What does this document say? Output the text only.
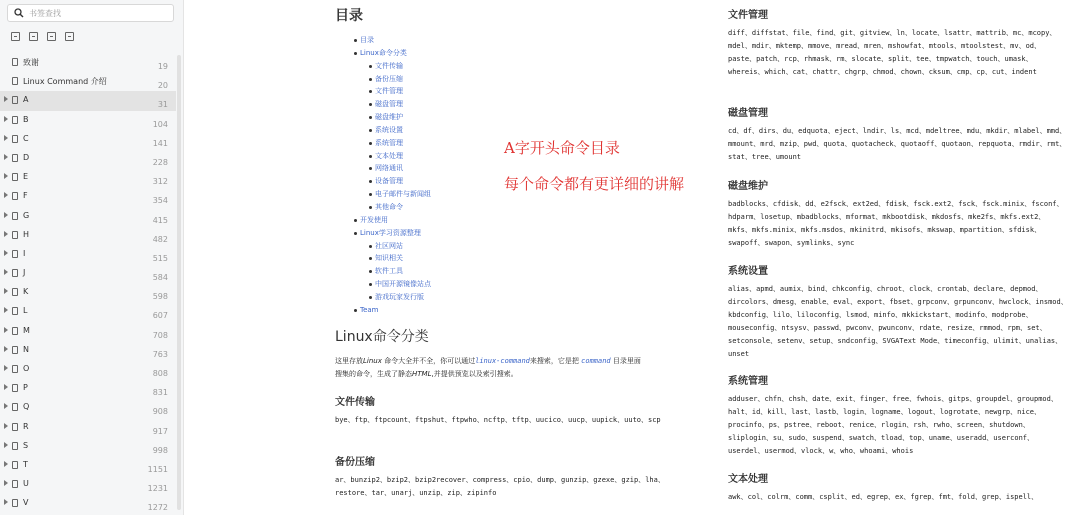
书签查找
致谢	19
Linux Command 介绍	20
A
31
B
104
C
141
D
228
E
312
F
354
G
415
H
482
I
515
J
584
K
598
L
607
M
708
N
763
O
808
P
831
Q
908
R
917
S
998
T
1151
U
1231
V
1272
目录
目录
Linux命令分类
文件传输
备份压缩
文件管理
磁盘管理
磁盘维护
系统设置
系统管理
文本处理
网络通讯
设备管理
电子邮件与新闻组
其他命令
开发使用
Linux学习资源整理
社区网站
知识相关
软件工具
中国开源镜像站点
游戏玩家发行版
Team
Linux命令分类
这里存放Linux 命令大全并不全，你可以通过linux-command来搜索，它是把 command 目录里面
搜集的命令，生成了静态HTML,并提供预览以及索引搜索。
文件传输
bye、ftp、ftpcount、ftpshut、ftpwho、ncftp、tftp、uucico、uucp、uupick、uuto、scp
备份压缩
ar、bunzip2、bzip2、bzip2recover、compress、cpio、dump、gunzip、gzexe、gzip、lha、restore、tar、unarj、unzip、zip、zipinfo
A字开头命令目录
每个命令都有更详细的讲解
文件管理
diff、diffstat、file、find、git、gitview、ln、locate、lsattr、mattrib、mc、mcopy、mdel、mdir、mktemp、mmove、mread、mren、mshowfat、mtools、mtoolstest、mv、od、paste、patch、rcp、rhmask、rm、slocate、split、tee、tmpwatch、touch、umask、whereis、which、cat、chattr、chgrp、chmod、chown、cksum、cmp、cp、cut、indent
磁盘管理
cd、df、dirs、du、edquota、eject、lndir、ls、mcd、mdeltree、mdu、mkdir、mlabel、mmd、mmount、mrd、mzip、pwd、quota、quotacheck、quotaoff、quotaon、repquota、rmdir、rmt、stat、tree、umount
磁盘维护
badblocks、cfdisk、dd、e2fsck、ext2ed、fdisk、fsck.ext2、fsck、fsck.minix、fsconf、hdparm、losetup、mbadblocks、mformat、mkbootdisk、mkdosfs、mke2fs、mkfs.ext2、mkfs、mkfs.minix、mkfs.msdos、mkinitrd、mkisofs、mkswap、mpartition、sfdisk、swapoff、swapon、symlinks、sync
系统设置
alias、apmd、aumix、bind、chkconfig、chroot、clock、crontab、declare、depmod、dircolors、dmesg、enable、eval、export、fbset、grpconv、grpunconv、hwclock、insmod、kbdconfig、lilo、liloconfig、lsmod、minfo、mkkickstart、modinfo、modprobe、mouseconfig、ntsysv、passwd、pwconv、pwunconv、rdate、resize、rmmod、rpm、set、setconsole、setenv、setup、sndconfig、SVGAText Mode、timeconfig、ulimit、unalias、unset
系统管理
adduser、chfn、chsh、date、exit、finger、free、fwhois、gitps、groupdel、groupmod、halt、id、kill、last、lastb、login、logname、logout、logrotate、newgrp、nice、procinfo、ps、pstree、reboot、renice、rlogin、rsh、rwho、screen、shutdown、sliplogin、su、sudo、suspend、swatch、tload、top、uname、useradd、userconf、userdel、usermod、vlock、w、who、whoami、whois
文本处理
awk、col、colrm、comm、csplit、ed、egrep、ex、fgrep、fmt、fold、grep、ispell、
